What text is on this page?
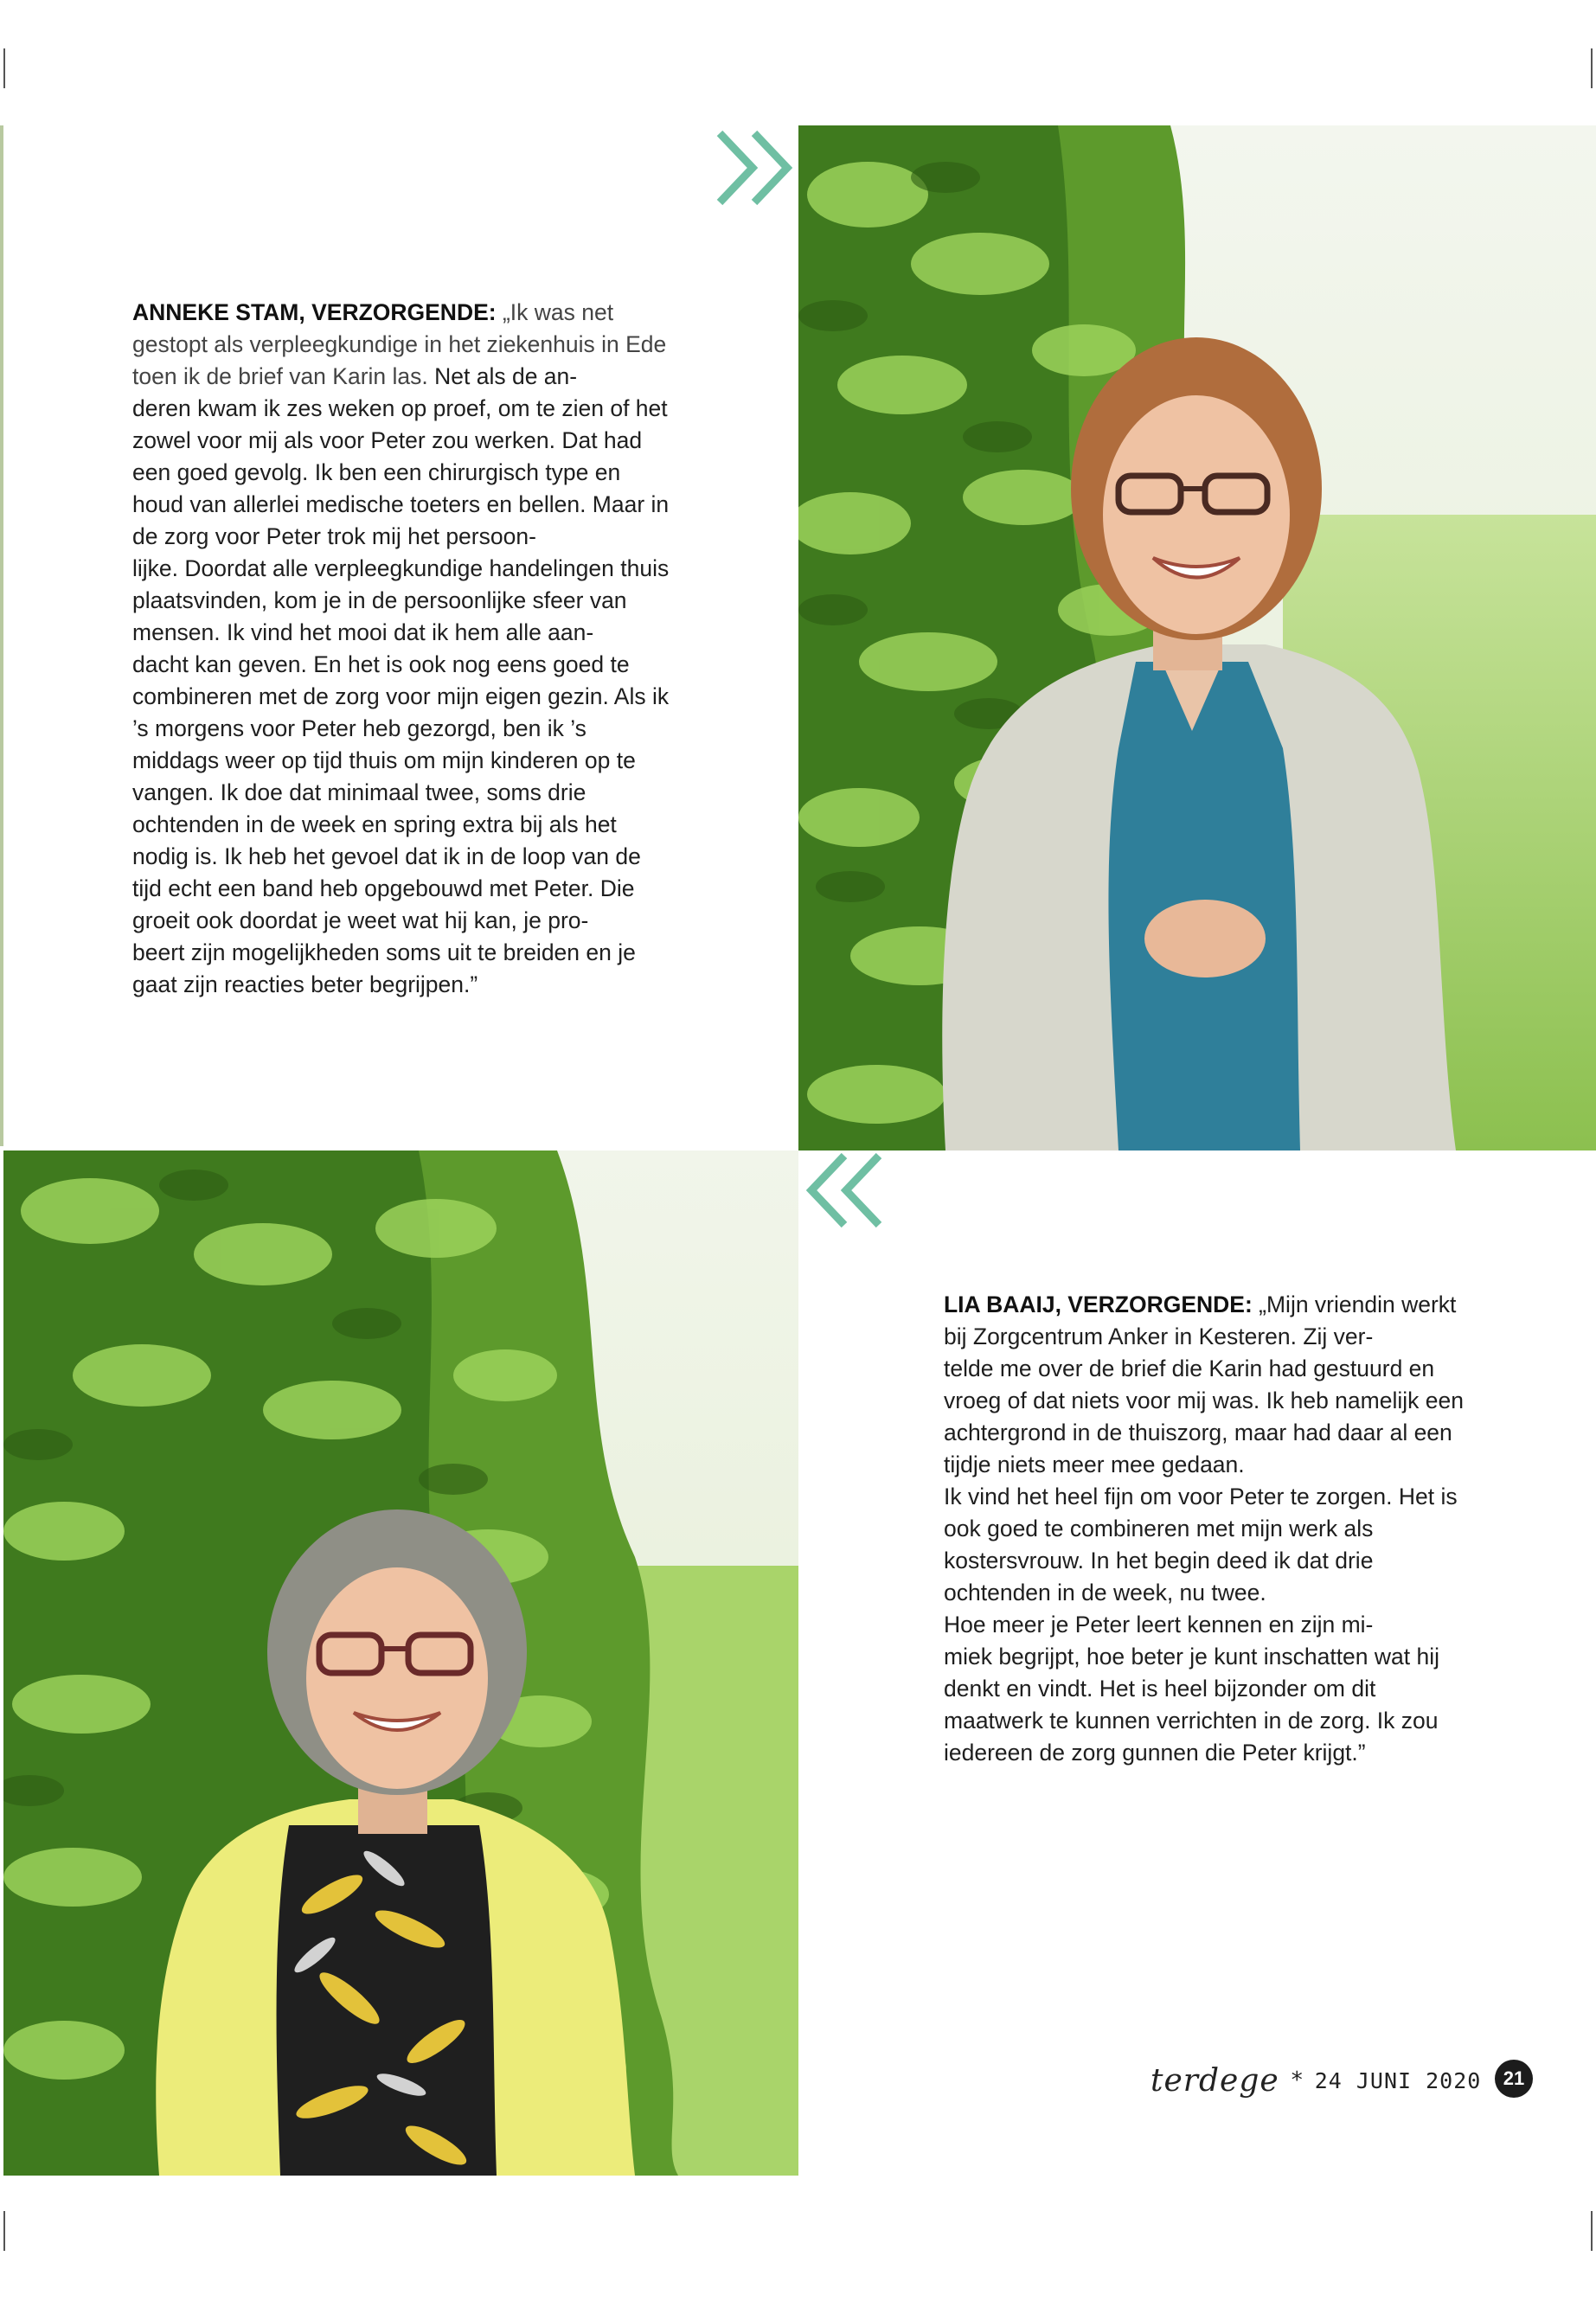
ANNEKE STAM, VERZORGENDE: „Ik was net gestopt als verpleegkundige in het ziekenhuis in Ede toen ik de brief van Karin las. Net als de an-
deren kwam ik zes weken op proef, om te zien of het zowel voor mij als voor Peter zou werken. Dat had een goed gevolg. Ik ben een chirurgisch type en houd van allerlei medische toeters en bellen. Maar in de zorg voor Peter trok mij het persoon-
lijke. Doordat alle verpleegkundige handelingen thuis plaatsvinden, kom je in de persoonlijke sfeer van mensen. Ik vind het mooi dat ik hem alle aan-
dacht kan geven. En het is ook nog eens goed te combineren met de zorg voor mijn eigen gezin. Als ik ’s morgens voor Peter heb gezorgd, ben ik ’s middags weer op tijd thuis om mijn kinderen op te vangen. Ik doe dat minimaal twee, soms drie ochtenden in de week en spring extra bij als het nodig is. Ik heb het gevoel dat ik in de loop van de tijd echt een band heb opgebouwd met Peter. Die groeit ook doordat je weet wat hij kan, je pro-
beert zijn mogelijkheden soms uit te breiden en je gaat zijn reacties beter begrijpen.”
LIA BAAIJ, VERZORGENDE: „Mijn vriendin werkt bij Zorgcentrum Anker in Kesteren. Zij ver-
telde me over de brief die Karin had gestuurd en vroeg of dat niets voor mij was. Ik heb namelijk een achtergrond in de thuiszorg, maar had daar al een tijdje niets meer mee gedaan.
Ik vind het heel fijn om voor Peter te zorgen. Het is ook goed te combineren met mijn werk als kostersvrouw. In het begin deed ik dat drie ochtenden in de week, nu twee.
Hoe meer je Peter leert kennen en zijn mi-
miek begrijpt, hoe beter je kunt inschatten wat hij denkt en vindt. Het is heel bijzonder om dit maatwerk te kunnen verrichten in de zorg. Ik zou iedereen de zorg gunnen die Peter krijgt.”
terdege * 24 JUNI 2020	21
